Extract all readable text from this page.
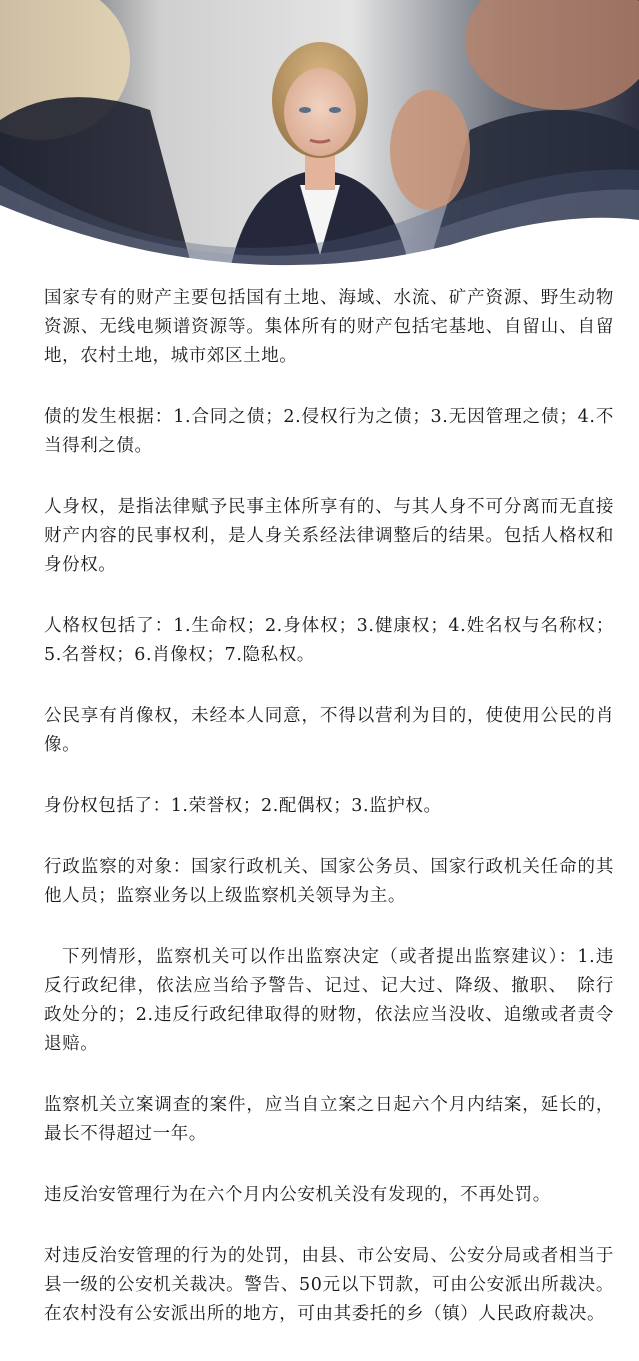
国家专有的财产主要包括国有土地、海域、水流、矿产资源、野生动物资源、无线电频谱资源等。集体所有的财产包括宅基地、自留山、自留地，农村土地，城市郊区土地。

债的发生根据：1.合同之债；2.侵权行为之债；3.无因管理之债；4.不当得利之债。

人身权，是指法律赋予民事主体所享有的、与其人身不可分离而无直接财产内容的民事权利，是人身关系经法律调整后的结果。包括人格权和身份权。

人格权包括了：1.生命权；2.身体权；3.健康权；4.姓名权与名称权；5.名誉权；6.肖像权；7.隐私权。

公民享有肖像权，未经本人同意，不得以营利为目的，使使用公民的肖像。

身份权包括了：1.荣誉权；2.配偶权；3.监护权。

行政监察的对象：国家行政机关、国家公务员、国家行政机关任命的其他人员；监察业务以上级监察机关领导为主。

下列情形，监察机关可以作出监察决定（或者提出监察建议）：1.违反行政纪律，依法应当给予警告、记过、记大过、降级、撤职、　除行政处分的；2.违反行政纪律取得的财物，依法应当没收、追缴或者责令退赔。

监察机关立案调查的案件，应当自立案之日起六个月内结案，延长的，最长不得超过一年。

违反治安管理行为在六个月内公安机关没有发现的，不再处罚。

对违反治安管理的行为的处罚，由县、市公安局、公安分局或者相当于县一级的公安机关裁决。警告、50元以下罚款，可由公安派出所裁决。在农村没有公安派出所的地方，可由其委托的乡（镇）人民政府裁决。
